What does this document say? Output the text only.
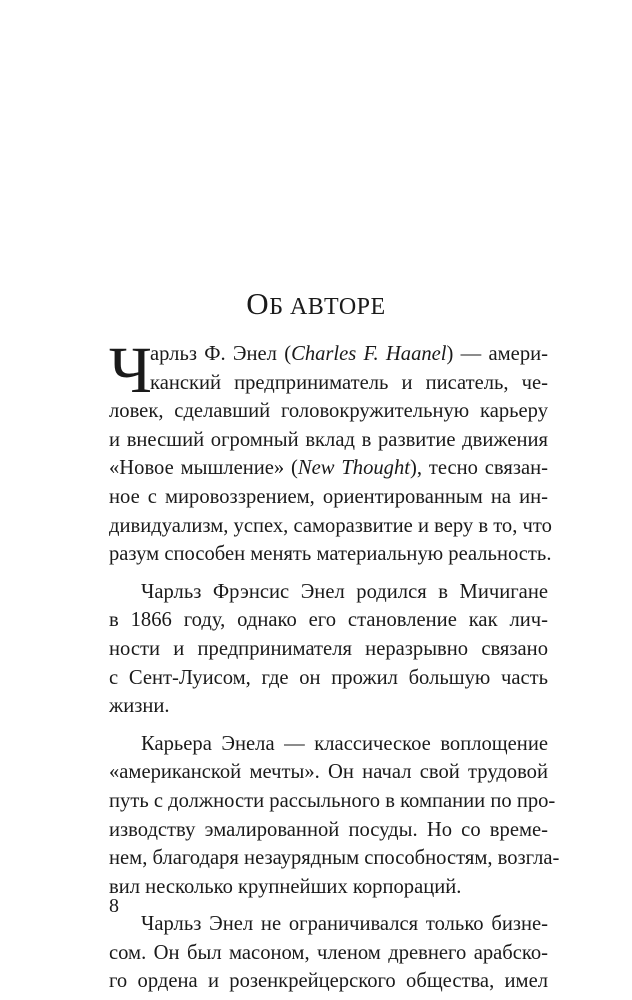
ОБ АВТОРЕ
Ч
арльз Ф. Энел (Charles F. Haanel) — амери-
канский предприниматель и писатель, че-
ловек, сделавший головокружительную карьеру
и внесший огромный вклад в развитие движения
«Новое мышление» (New Thought), тесно связан-
ное с мировоззрением, ориентированным на ин-
дивидуализм, успех, саморазвитие и веру в то, что
разум способен менять материальную реальность.
Чарльз Фрэнсис Энел родился в Мичигане
в 1866 году, однако его становление как лич-
ности и предпринимателя неразрывно связано
с Сент-Луисом, где он прожил большую часть
жизни.
Карьера Энела — классическое воплощение
«американской мечты». Он начал свой трудовой
путь с должности рассыльного в компании по про-
изводству эмалированной посуды. Но со време-
нем, благодаря незаурядным способностям, возгла-
вил несколько крупнейших корпораций.
Чарльз Энел не ограничивался только бизне-
сом. Он был масоном, членом древнего арабско-
го ордена и розенкрейцерского общества, имел
8
